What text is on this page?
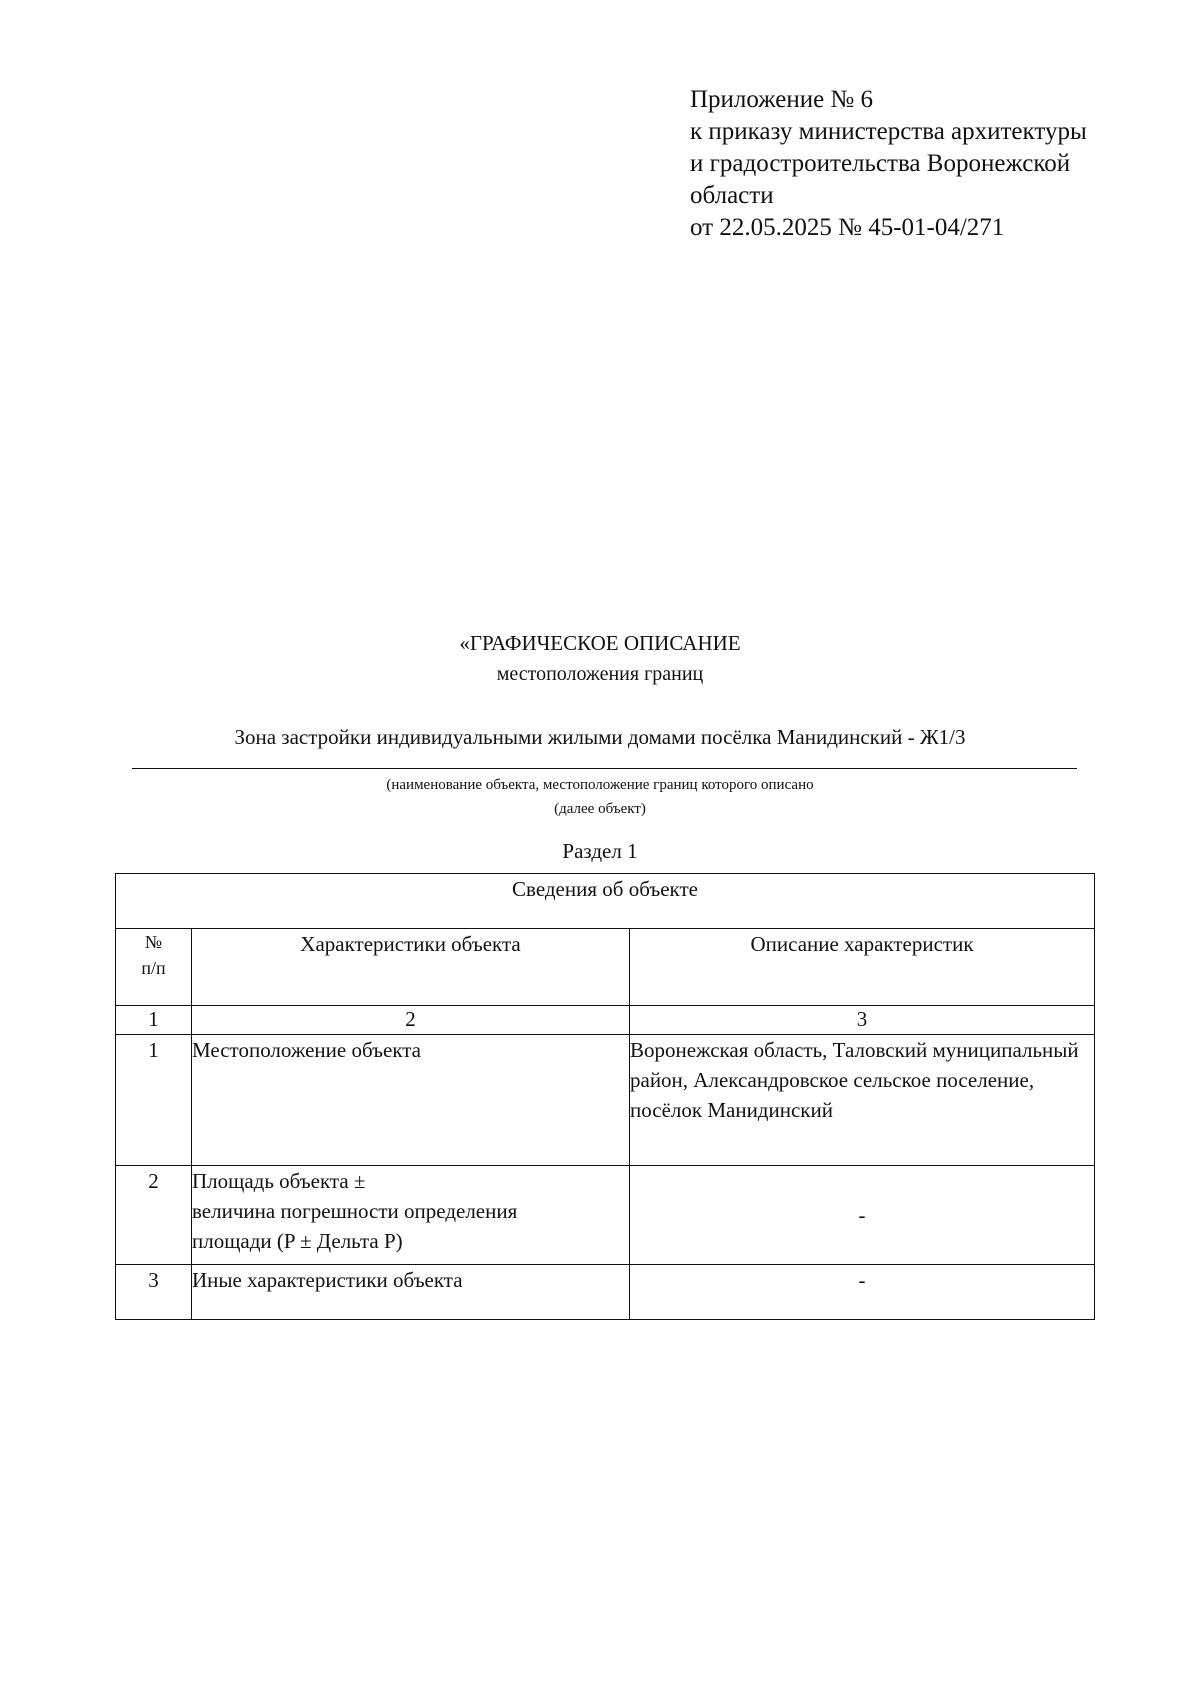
Приложение № 6
к приказу министерства архитектуры
и градостроительства Воронежской
области
от 22.05.2025 № 45-01-04/271
«ГРАФИЧЕСКОЕ ОПИСАНИЕ
местоположения границ
Зона застройки индивидуальными жилыми домами посёлка Манидинский - Ж1/3
(наименование объекта, местоположение границ которого описано
(далее объект)
Раздел 1
Сведения об объекте		

№
п/п	Характеристики объекта	Описание характеристик
1	2	3
1	Местоположение объекта	Воронежская область, Таловский муниципальный район, Александровское сельское поселение, посёлок Манидинский
2	Площадь объекта ±
величина погрешности определения
площади (P ± Дельта P)	-
3	Иные характеристики объекта	-
